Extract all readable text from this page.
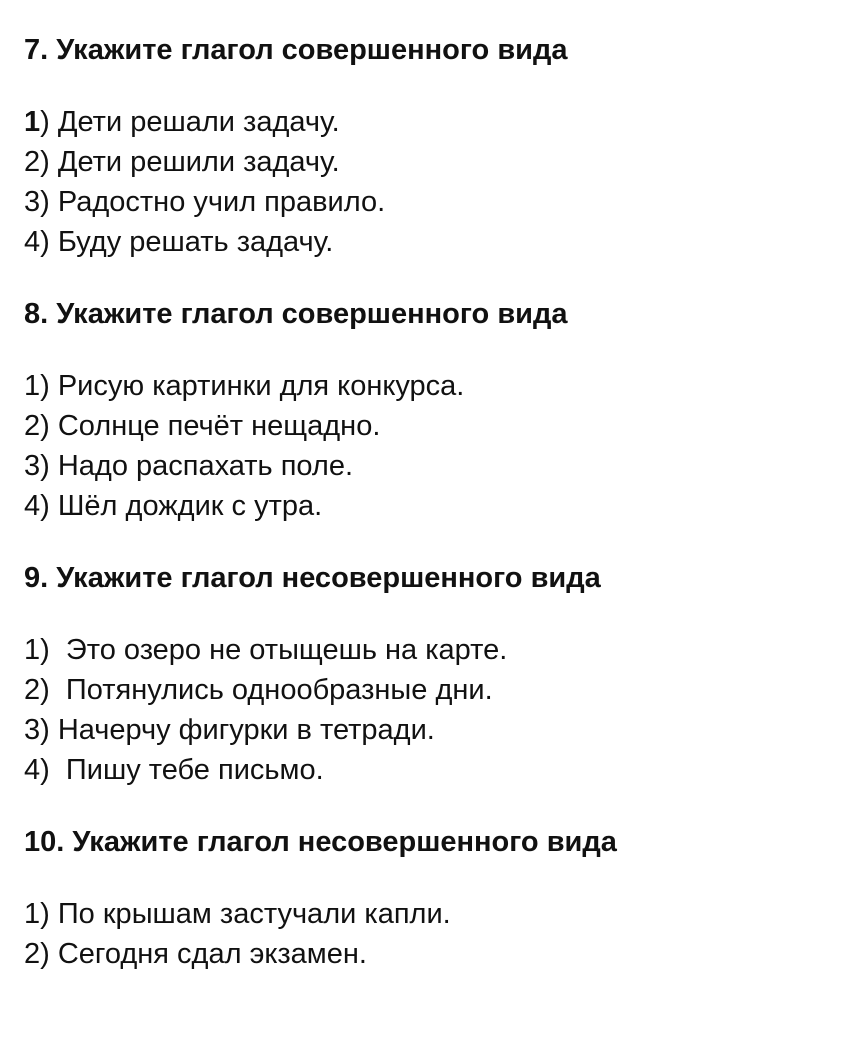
7. Укажите глагол совершенного вида
1) Дети решали задачу.
2) Дети решили задачу.
3) Радостно учил правило.
4) Буду решать задачу.
8. Укажите глагол совершенного вида
1) Рисую картинки для конкурса.
2) Солнце печёт нещадно.
3) Надо распахать поле.
4) Шёл дождик с утра.
9. Укажите глагол несовершенного вида
1)  Это озеро не отыщешь на карте.
2)  Потянулись однообразные дни.
3) Начерчу фигурки в тетради.
4)  Пишу тебе письмо.
10. Укажите глагол несовершенного вида
1) По крышам застучали капли.
2) Сегодня сдал экзамен.
